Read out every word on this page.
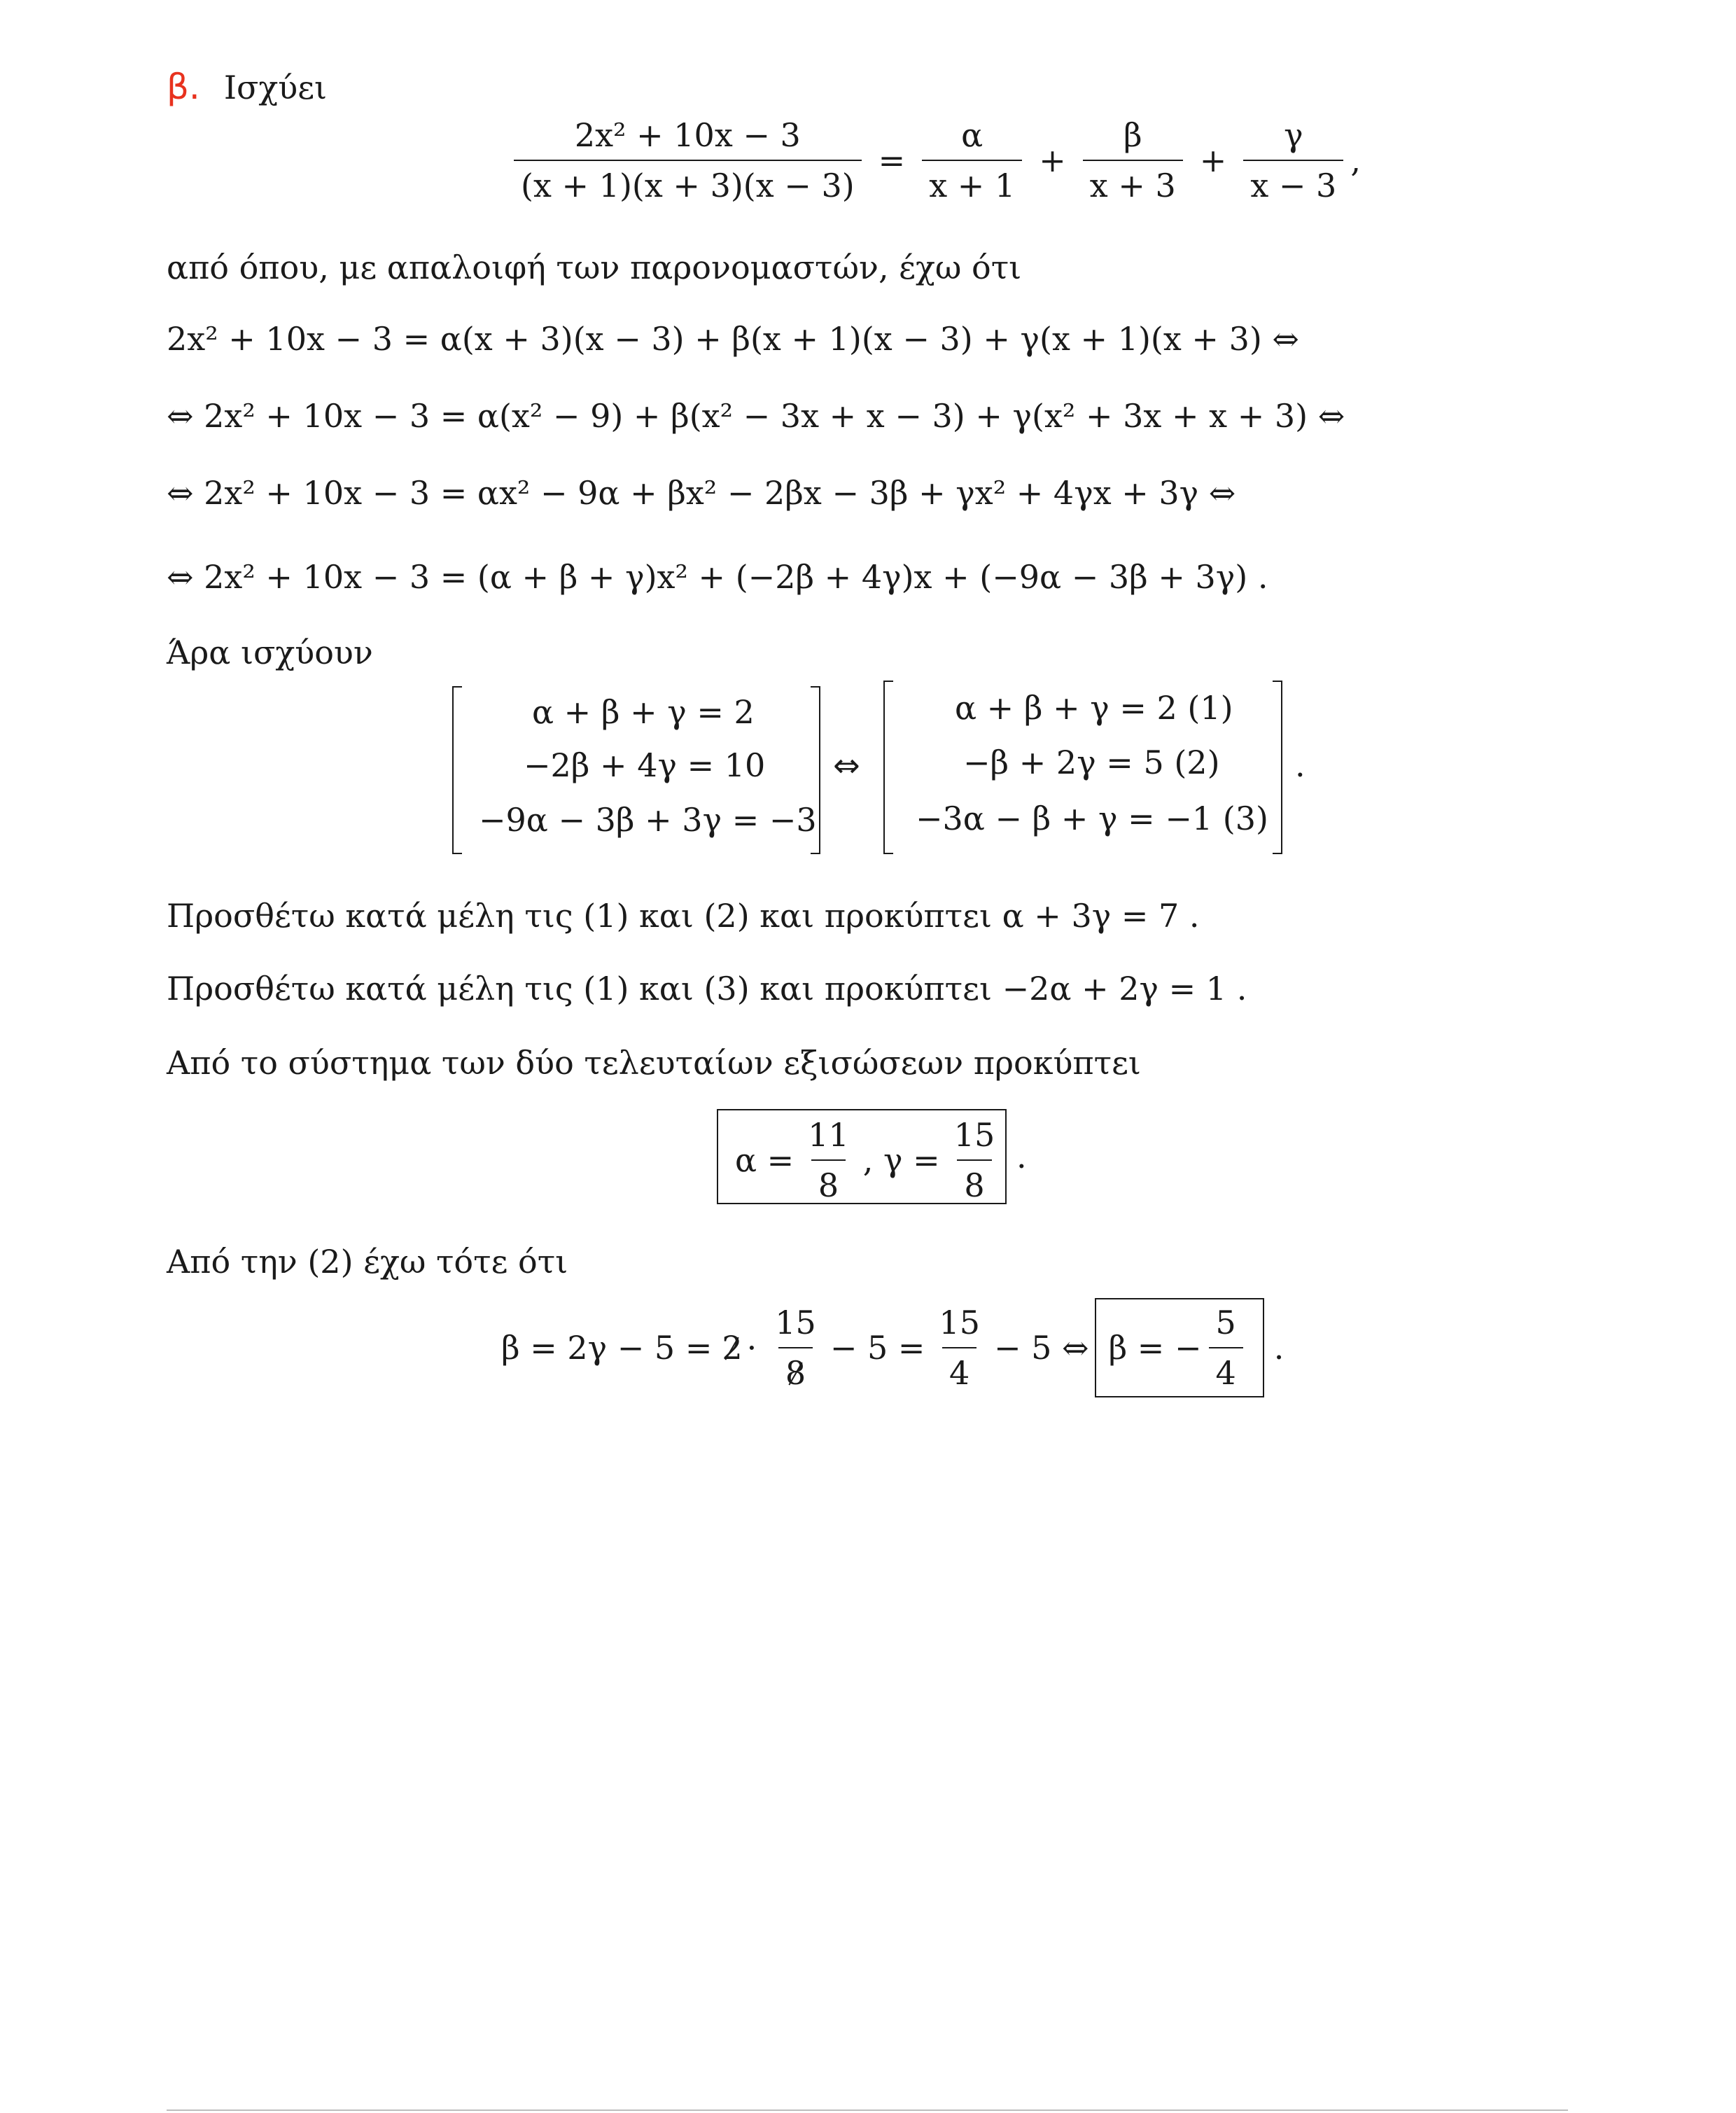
β. Ισχύει
$\frac{\text{2x² + 10x − 3}}{(x + 1)(x + 3)(x - 3)} = \frac{\alpha}{x + 1} + \frac{\beta}{x + 3} + \frac{\gamma}{x - 3}$ ,
από όπου, με απαλοιφή των παρονομαστών, έχω ότι
2x² + 10x − 3 = α(x + 3)(x − 3) + β(x + 1)(x − 3) + γ(x + 1)(x + 3) ⇔
⇔ 2x² + 10x − 3 = α(x² − 9) + β(x² − 3x + x − 3) + γ(x² + 3x + x + 3) ⇔
⇔ 2x² + 10x − 3 = αx² − 9α + βx² − 2βx − 3β + γx² + 4γx + 3γ ⇔
⇔ 2x² + 10x − 3 = (α + β + γ)x² + (−2β + 4γ)x + (−9α − 3β + 3γ) .
Άρα ισχύουν
α + β + γ = 2
−2β + 4γ = 10
−9α − 3β + 3γ = −3
⇔
α + β + γ = 2 (1)
−β + 2γ = 5 (2)
−3α − β + γ = −1 (3)
.
Προσθέτω κατά μέλη τις (1) και (2) και προκύπτει α + 3γ = 7 .
Προσθέτω κατά μέλη τις (1) και (3) και προκύπτει −2α + 2γ = 1 .
Από το σύστημα των δύο τελευταίων εξισώσεων προκύπτει
$\alpha = \frac{11}{8}$ , $\gamma = \frac{15}{8}$ .
Από την (2) έχω τότε ότι
$\beta = 2\gamma - 5 = 2 \cdot \frac{15}{8} - 5 = \frac{15}{4} - 5$ ⇔ β = − $\frac{5}{4}$ .
